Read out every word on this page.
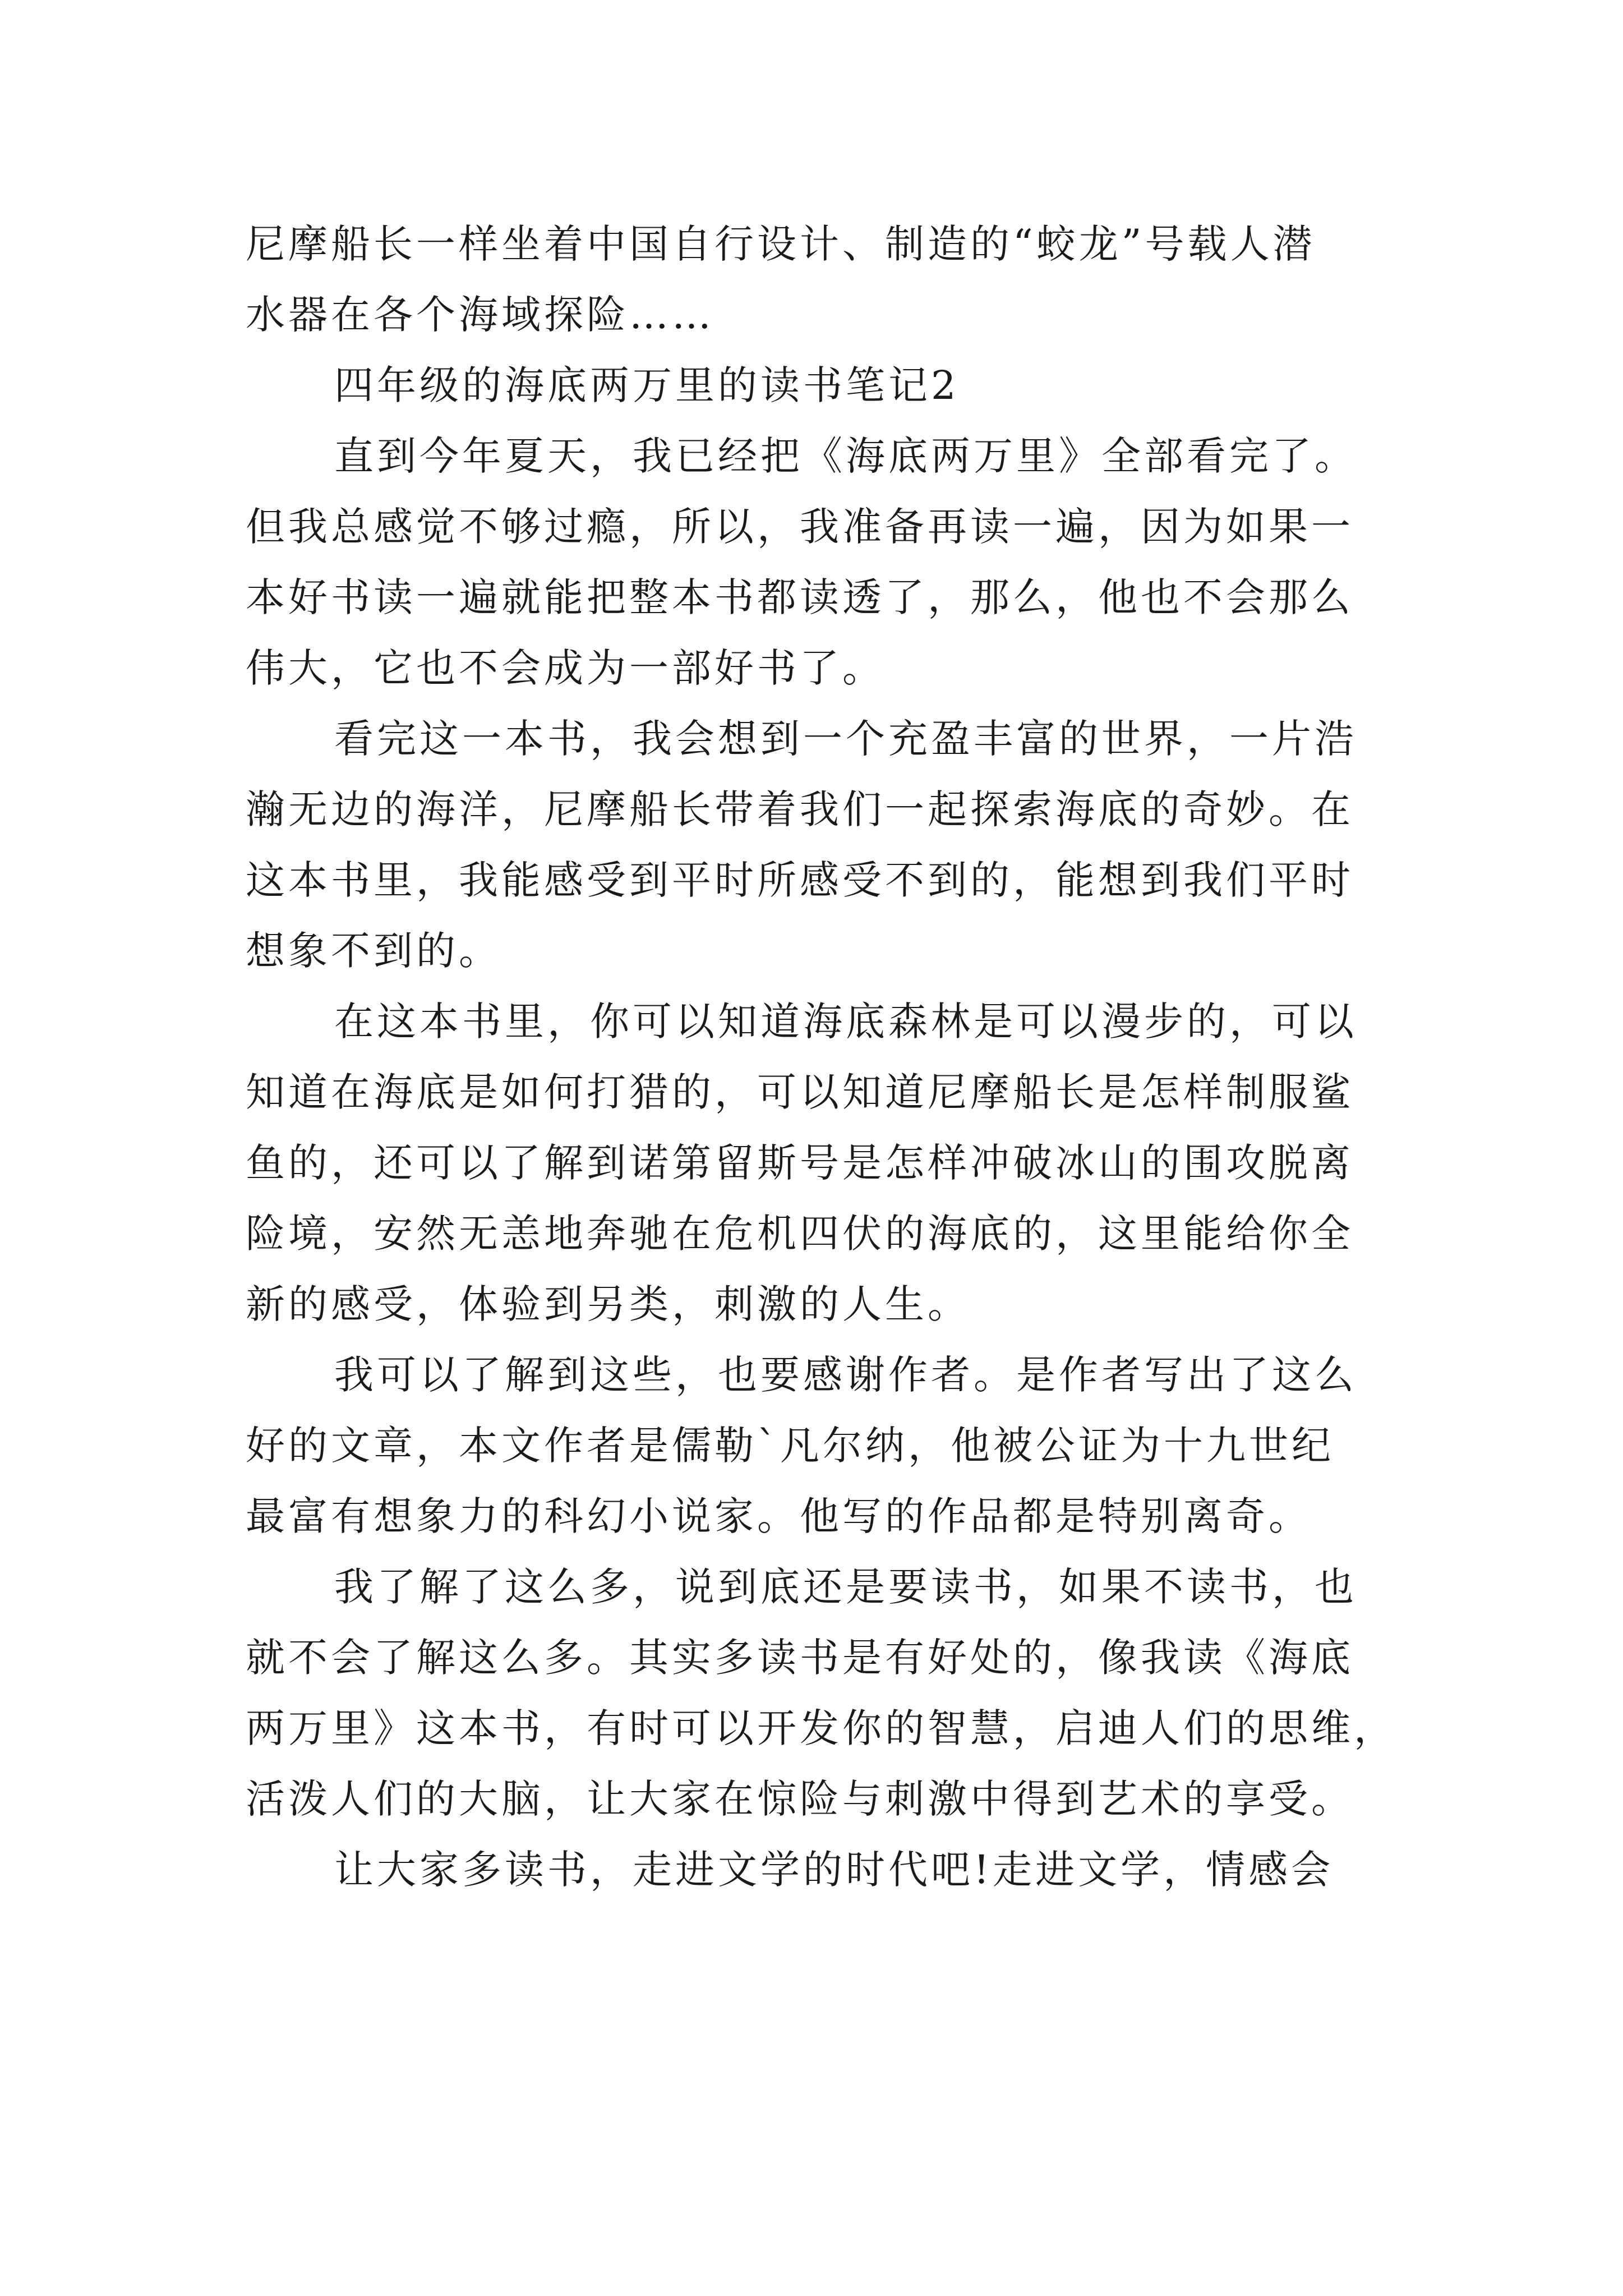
尼摩船长一样坐着中国自行设计、制造的“蛟龙”号载人潜
水器在各个海域探险……

四年级的海底两万里的读书笔记2

直到今年夏天，我已经把《海底两万里》全部看完了。
但我总感觉不够过瘾，所以，我准备再读一遍，因为如果一
本好书读一遍就能把整本书都读透了，那么，他也不会那么
伟大，它也不会成为一部好书了。

看完这一本书，我会想到一个充盈丰富的世界，一片浩
瀚无边的海洋，尼摩船长带着我们一起探索海底的奇妙。在
这本书里，我能感受到平时所感受不到的，能想到我们平时
想象不到的。

在这本书里，你可以知道海底森林是可以漫步的，可以
知道在海底是如何打猎的，可以知道尼摩船长是怎样制服鲨
鱼的，还可以了解到诺第留斯号是怎样冲破冰山的围攻脱离
险境，安然无恙地奔驰在危机四伏的海底的，这里能给你全
新的感受，体验到另类，刺激的人生。

我可以了解到这些，也要感谢作者。是作者写出了这么
好的文章，本文作者是儒勒`凡尔纳，他被公证为十九世纪
最富有想象力的科幻小说家。他写的作品都是特别离奇。

我了解了这么多，说到底还是要读书，如果不读书，也
就不会了解这么多。其实多读书是有好处的，像我读《海底
两万里》这本书，有时可以开发你的智慧，启迪人们的思维，
活泼人们的大脑，让大家在惊险与刺激中得到艺术的享受。

让大家多读书，走进文学的时代吧!走进文学，情感会
